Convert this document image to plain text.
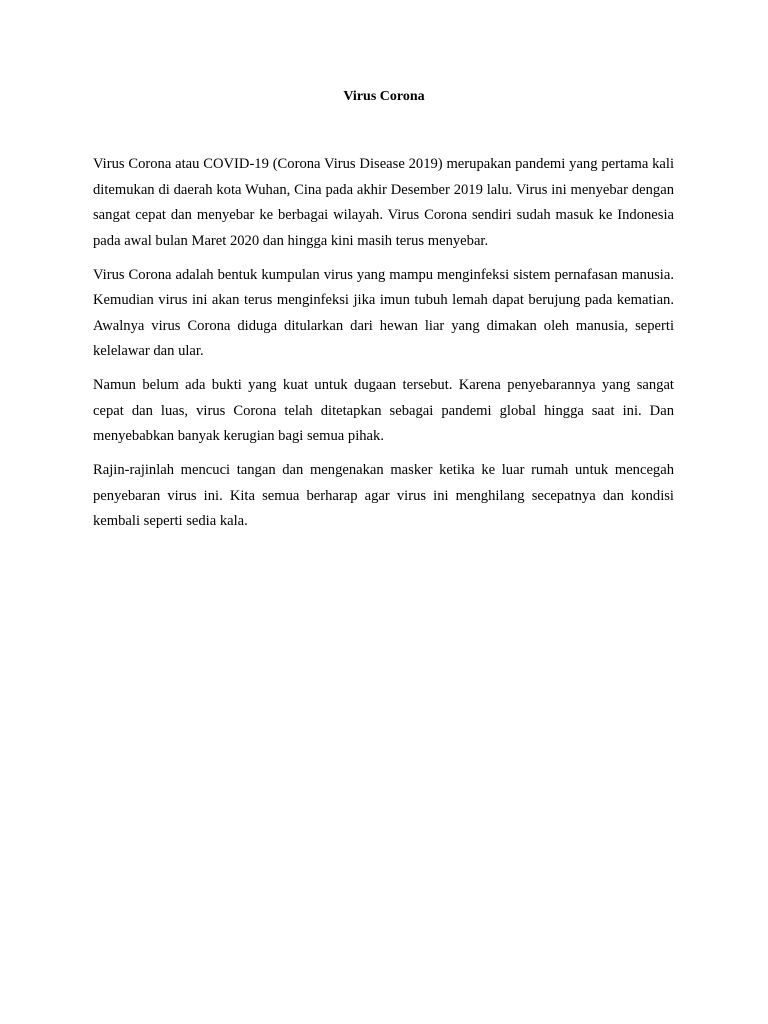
Virus Corona

Virus Corona atau COVID-19 (Corona Virus Disease 2019) merupakan pandemi yang pertama kali ditemukan di daerah kota Wuhan, Cina pada akhir Desember 2019 lalu. Virus ini menyebar dengan sangat cepat dan menyebar ke berbagai wilayah. Virus Corona sendiri sudah masuk ke Indonesia pada awal bulan Maret 2020 dan hingga kini masih terus menyebar.

Virus Corona adalah bentuk kumpulan virus yang mampu menginfeksi sistem pernafasan manusia. Kemudian virus ini akan terus menginfeksi jika imun tubuh lemah dapat berujung pada kematian. Awalnya virus Corona diduga ditularkan dari hewan liar yang dimakan oleh manusia, seperti kelelawar dan ular.

Namun belum ada bukti yang kuat untuk dugaan tersebut. Karena penyebarannya yang sangat cepat dan luas, virus Corona telah ditetapkan sebagai pandemi global hingga saat ini. Dan menyebabkan banyak kerugian bagi semua pihak.

Rajin-rajinlah mencuci tangan dan mengenakan masker ketika ke luar rumah untuk mencegah penyebaran virus ini. Kita semua berharap agar virus ini menghilang secepatnya dan kondisi kembali seperti sedia kala.
